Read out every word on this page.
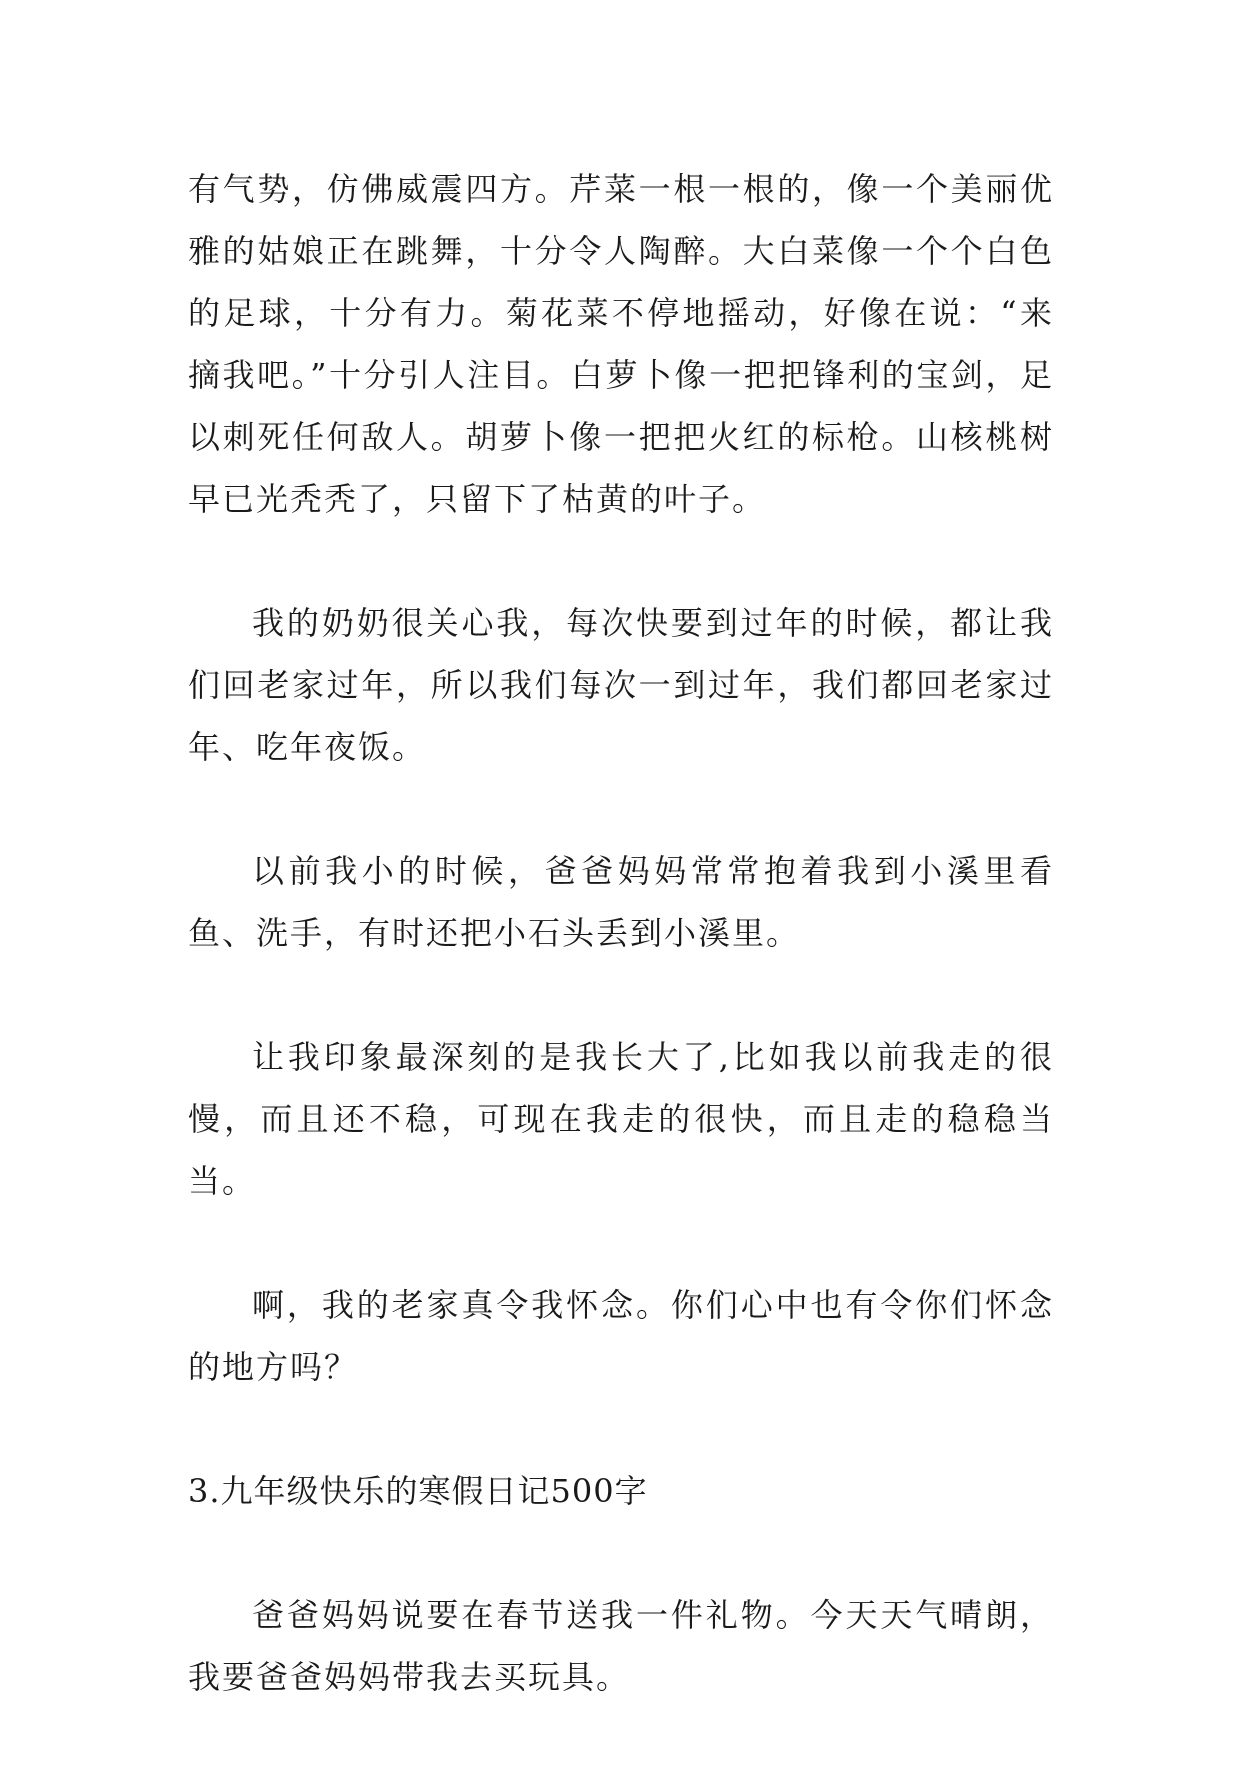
有气势，仿佛威震四方。芹菜一根一根的，像一个美丽优雅的姑娘正在跳舞，十分令人陶醉。大白菜像一个个白色的足球，十分有力。菊花菜不停地摇动，好像在说：“来摘我吧。”十分引人注目。白萝卜像一把把锋利的宝剑，足以刺死任何敌人。胡萝卜像一把把火红的标枪。山核桃树早已光秃秃了，只留下了枯黄的叶子。

我的奶奶很关心我，每次快要到过年的时候，都让我们回老家过年，所以我们每次一到过年，我们都回老家过年、吃年夜饭。

以前我小的时候，爸爸妈妈常常抱着我到小溪里看鱼、洗手，有时还把小石头丢到小溪里。

让我印象最深刻的是我长大了,比如我以前我走的很慢，而且还不稳，可现在我走的很快，而且走的稳稳当当。

啊，我的老家真令我怀念。你们心中也有令你们怀念的地方吗？

3.九年级快乐的寒假日记500字

爸爸妈妈说要在春节送我一件礼物。今天天气晴朗，我要爸爸妈妈带我去买玩具。
